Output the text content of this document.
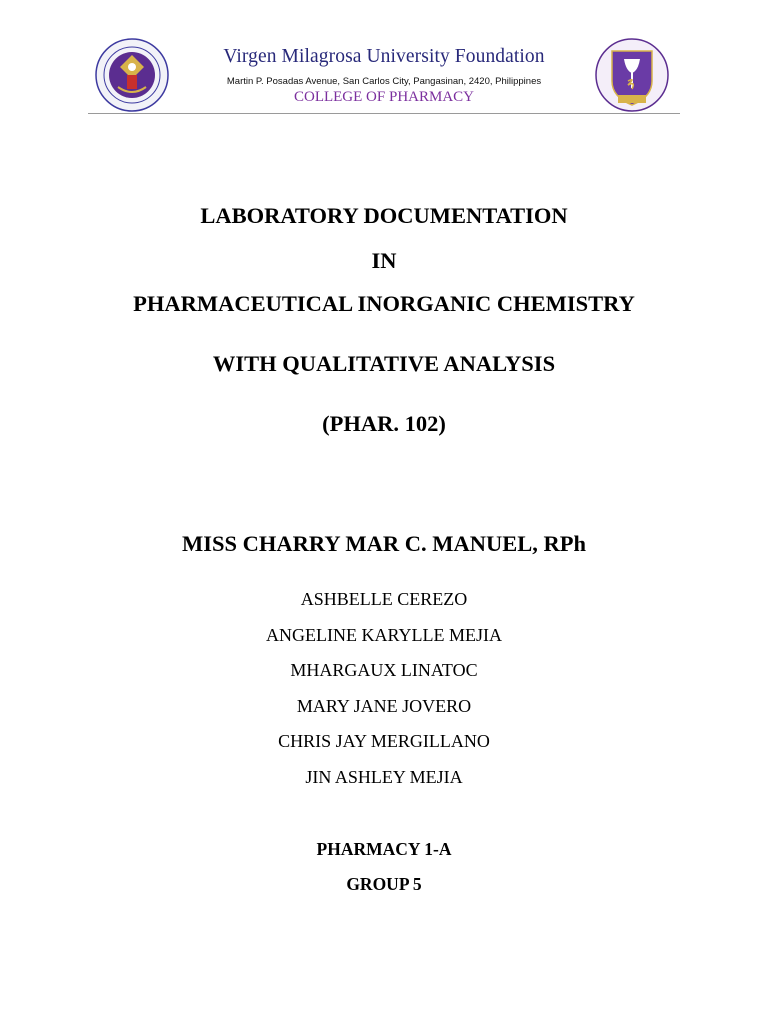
Virgen Milagrosa University Foundation
Martin P. Posadas Avenue, San Carlos City, Pangasinan, 2420, Philippines
COLLEGE OF PHARMACY
LABORATORY DOCUMENTATION
IN
PHARMACEUTICAL INORGANIC CHEMISTRY
WITH QUALITATIVE ANALYSIS
(PHAR. 102)
MISS CHARRY MAR C. MANUEL, RPh
ASHBELLE CEREZO
ANGELINE KARYLLE MEJIA
MHARGAUX LINATOC
MARY JANE JOVERO
CHRIS JAY MERGILLANO
JIN ASHLEY MEJIA
PHARMACY 1-A
GROUP 5
